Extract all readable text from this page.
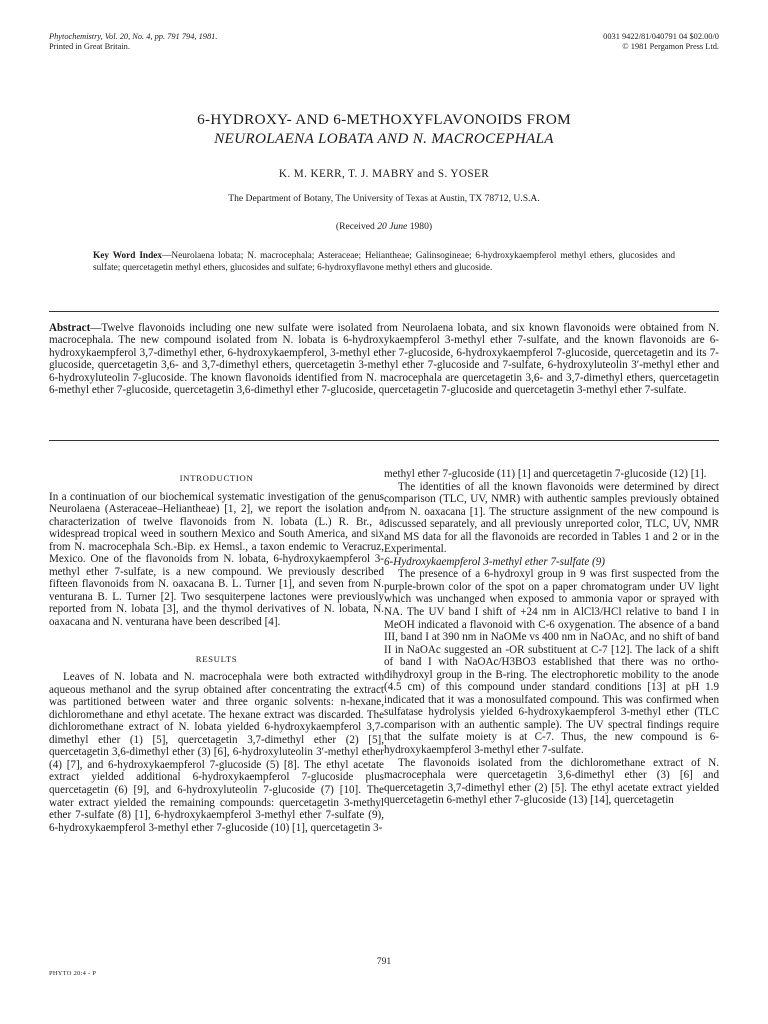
Phytochemistry, Vol. 20, No. 4, pp. 791 794, 1981.
Printed in Great Britain.
0031 9422/81/040791 04 $02.00/0
© 1981 Pergamon Press Ltd.
6-HYDROXY- AND 6-METHOXYFLAVONOIDS FROM
NEUROLAENA LOBATA AND N. MACROCEPHALA
K. M. KERR, T. J. MABRY and S. YOSER
The Department of Botany, The University of Texas at Austin, TX 78712, U.S.A.
(Received 20 June 1980)
Key Word Index—Neurolaena lobata; N. macrocephala; Asteraceae; Heliantheae; Galinsogineae; 6-hydroxykaempferol methyl ethers, glucosides and sulfate; quercetagetin methyl ethers, glucosides and sulfate; 6-hydroxyflavone methyl ethers and glucoside.
Abstract—Twelve flavonoids including one new sulfate were isolated from Neurolaena lobata, and six known flavonoids were obtained from N. macrocephala. The new compound isolated from N. lobata is 6-hydroxykaempferol 3-methyl ether 7-sulfate, and the known flavonoids are 6-hydroxykaempferol 3,7-dimethyl ether, 6-hydroxykaempferol, 3-methyl ether 7-glucoside, 6-hydroxykaempferol 7-glucoside, quercetagetin and its 7-glucoside, quercetagetin 3,6- and 3,7-dimethyl ethers, quercetagetin 3-methyl ether 7-glucoside and 7-sulfate, 6-hydroxyluteolin 3′-methyl ether and 6-hydroxyluteolin 7-glucoside. The known flavonoids identified from N. macrocephala are quercetagetin 3,6- and 3,7-dimethyl ethers, quercetagetin 6-methyl ether 7-glucoside, quercetagetin 3,6-dimethyl ether 7-glucoside, quercetagetin 7-glucoside and quercetagetin 3-methyl ether 7-sulfate.
INTRODUCTION

In a continuation of our biochemical systematic investigation of the genus Neurolaena (Asteraceae–Heliantheae) [1, 2], we report the isolation and characterization of twelve flavonoids from N. lobata (L.) R. Br., a widespread tropical weed in southern Mexico and South America, and six from N. macrocephala Sch.-Bip. ex Hemsl., a taxon endemic to Veracruz, Mexico. One of the flavonoids from N. lobata, 6-hydroxykaempferol 3-methyl ether 7-sulfate, is a new compound. We previously described fifteen flavonoids from N. oaxacana B. L. Turner [1], and seven from N. venturana B. L. Turner [2]. Two sesquiterpene lactones were previously reported from N. lobata [3], and the thymol derivatives of N. lobata, N. oaxacana and N. venturana have been described [4].

RESULTS

Leaves of N. lobata and N. macrocephala were both extracted with aqueous methanol and the syrup obtained after concentrating the extract was partitioned between water and three organic solvents: n-hexane, dichloromethane and ethyl acetate. The hexane extract was discarded. The dichloromethane extract of N. lobata yielded 6-hydroxykaempferol 3,7-dimethyl ether (1) [5], quercetagetin 3,7-dimethyl ether (2) [5], quercetagetin 3,6-dimethyl ether (3) [6], 6-hydroxyluteolin 3′-methyl ether (4) [7], and 6-hydroxykaempferol 7-glucoside (5) [8]. The ethyl acetate extract yielded additional 6-hydroxykaempferol 7-glucoside plus quercetagetin (6) [9], and 6-hydroxyluteolin 7-glucoside (7) [10]. The water extract yielded the remaining compounds: quercetagetin 3-methyl ether 7-sulfate (8) [1], 6-hydroxykaempferol 3-methyl ether 7-sulfate (9), 6-hydroxykaempferol 3-methyl ether 7-glucoside (10) [1], quercetagetin 3-

methyl ether 7-glucoside (11) [1] and quercetagetin 7-glucoside (12) [1].

The identities of all the known flavonoids were determined by direct comparison (TLC, UV, NMR) with authentic samples previously obtained from N. oaxacana [1]. The structure assignment of the new compound is discussed separately, and all previously unreported color, TLC, UV, NMR and MS data for all the flavonoids are recorded in Tables 1 and 2 or in the Experimental.

6-Hydroxykaempferol 3-methyl ether 7-sulfate (9)

The presence of a 6-hydroxyl group in 9 was first suspected from the purple-brown color of the spot on a paper chromatogram under UV light which was unchanged when exposed to ammonia vapor or sprayed with NA. The UV band I shift of +24 nm in AlCl3/HCl relative to band I in MeOH indicated a flavonoid with C-6 oxygenation. The absence of a band III, band I at 390 nm in NaOMe vs 400 nm in NaOAc, and no shift of band II in NaOAc suggested an -OR substituent at C-7 [12]. The lack of a shift of band I with NaOAc/H3BO3 established that there was no ortho-dihydroxyl group in the B-ring. The electrophoretic mobility to the anode (4.5 cm) of this compound under standard conditions [13] at pH 1.9 indicated that it was a monosulfated compound. This was confirmed when sulfatase hydrolysis yielded 6-hydroxykaempferol 3-methyl ether (TLC comparison with an authentic sample). The UV spectral findings require that the sulfate moiety is at C-7. Thus, the new compound is 6-hydroxykaempferol 3-methyl ether 7-sulfate.

The flavonoids isolated from the dichloromethane extract of N. macrocephala were quercetagetin 3,6-dimethyl ether (3) [6] and quercetagetin 3,7-dimethyl ether (2) [5]. The ethyl acetate extract yielded quercetagetin 6-methyl ether 7-glucoside (13) [14], quercetagetin

791
PHYTO 20:4 - P
